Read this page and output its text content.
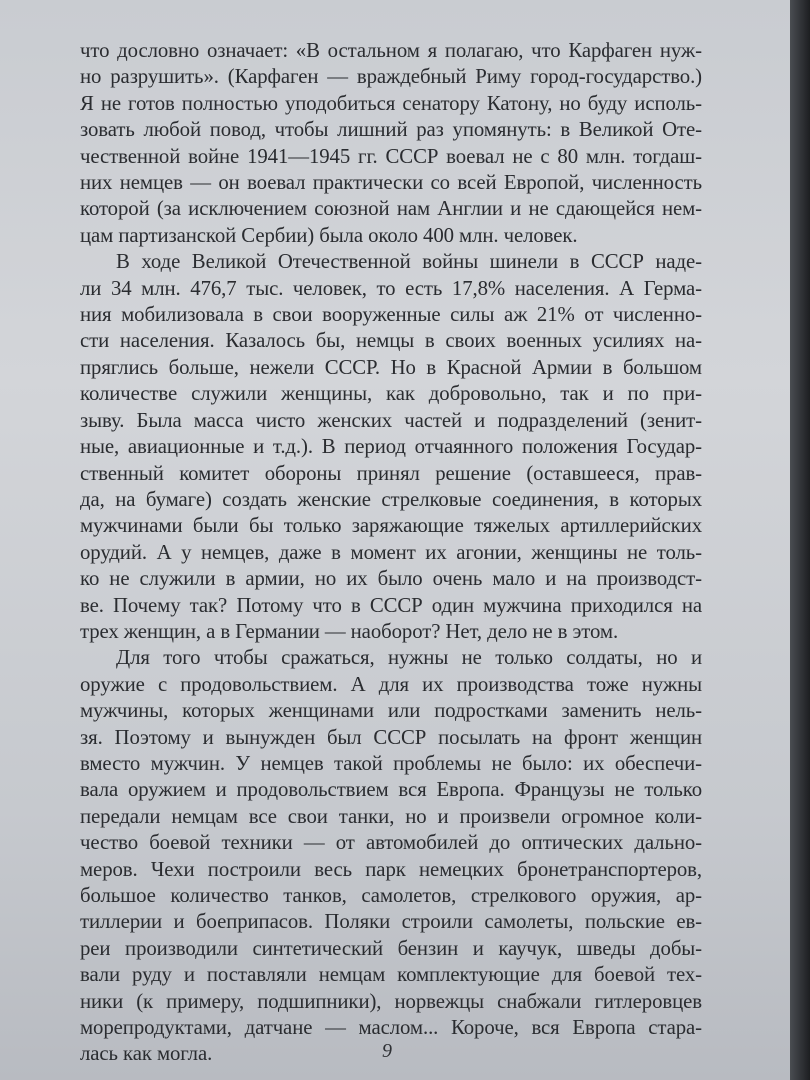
что дословно означает: «В остальном я полагаю, что Карфаген нуж-
но разрушить». (Карфаген — враждебный Риму город-государство.)
Я не готов полностью уподобиться сенатору Катону, но буду исполь-
зовать любой повод, чтобы лишний раз упомянуть: в Великой Оте-
чественной войне 1941—1945 гг. СССР воевал не с 80 млн. тогдаш-
них немцев — он воевал практически со всей Европой, численность
которой (за исключением союзной нам Англии и не сдающейся нем-
цам партизанской Сербии) была около 400 млн. человек.
В ходе Великой Отечественной войны шинели в СССР наде-
ли 34 млн. 476,7 тыс. человек, то есть 17,8% населения. А Герма-
ния мобилизовала в свои вооруженные силы аж 21% от численно-
сти населения. Казалось бы, немцы в своих военных усилиях на-
пряглись больше, нежели СССР. Но в Красной Армии в большом
количестве служили женщины, как добровольно, так и по при-
зыву. Была масса чисто женских частей и подразделений (зенит-
ные, авиационные и т.д.). В период отчаянного положения Государ-
ственный комитет обороны принял решение (оставшееся, прав-
да, на бумаге) создать женские стрелковые соединения, в которых
мужчинами были бы только заряжающие тяжелых артиллерийских
орудий. А у немцев, даже в момент их агонии, женщины не толь-
ко не служили в армии, но их было очень мало и на производст-
ве. Почему так? Потому что в СССР один мужчина приходился на
трех женщин, а в Германии — наоборот? Нет, дело не в этом.
Для того чтобы сражаться, нужны не только солдаты, но и
оружие с продовольствием. А для их производства тоже нужны
мужчины, которых женщинами или подростками заменить нель-
зя. Поэтому и вынужден был СССР посылать на фронт женщин
вместо мужчин. У немцев такой проблемы не было: их обеспечи-
вала оружием и продовольствием вся Европа. Французы не только
передали немцам все свои танки, но и произвели огромное коли-
чество боевой техники — от автомобилей до оптических дально-
меров. Чехи построили весь парк немецких бронетранспортеров,
большое количество танков, самолетов, стрелкового оружия, ар-
тиллерии и боеприпасов. Поляки строили самолеты, польские ев-
реи производили синтетический бензин и каучук, шведы добы-
вали руду и поставляли немцам комплектующие для боевой тех-
ники (к примеру, подшипники), норвежцы снабжали гитлеровцев
морепродуктами, датчане — маслом... Короче, вся Европа стара-
лась как могла.	9
